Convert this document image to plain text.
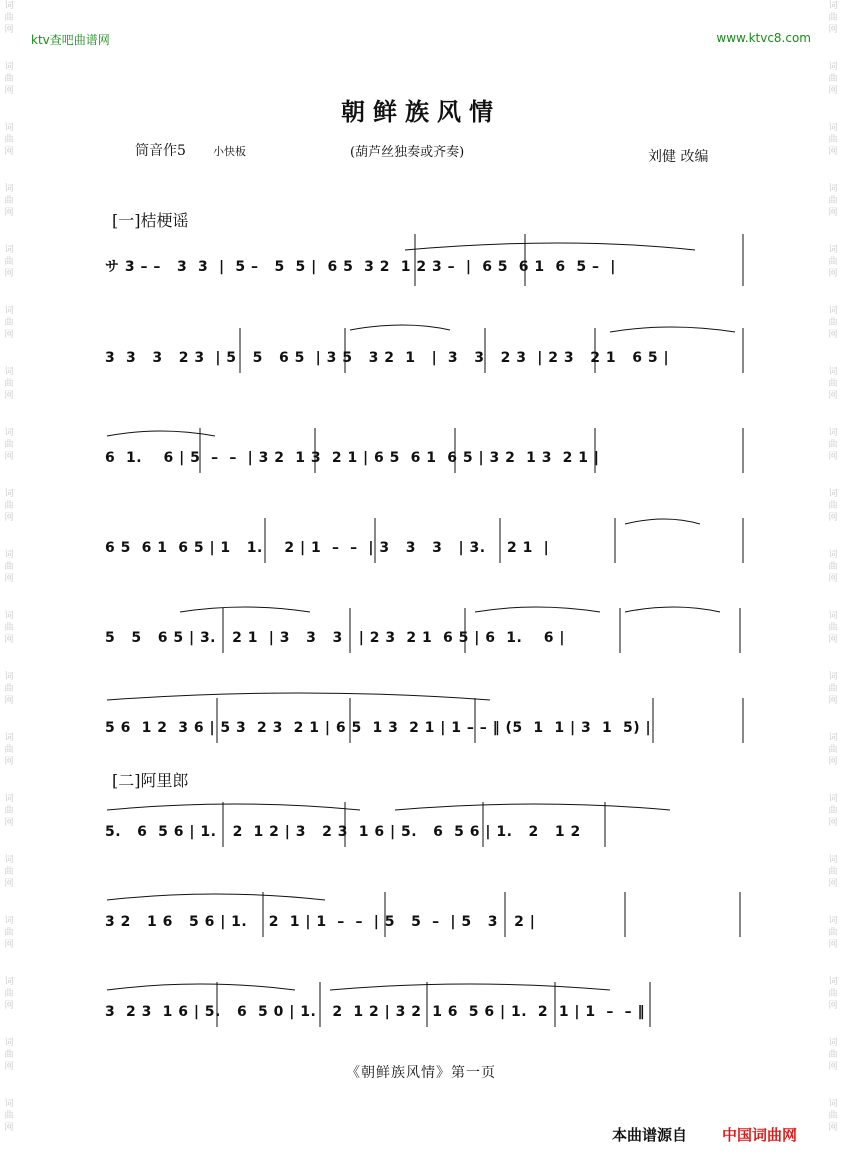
词曲网
词曲网
词曲网
词曲网
词曲网
词曲网
词曲网
词曲网
词曲网
词曲网
词曲网
词曲网
词曲网
词曲网
词曲网
词曲网
词曲网
词曲网
词曲网
词曲网
词曲网
词曲网
词曲网
词曲网
词曲网
词曲网
词曲网
词曲网
词曲网
词曲网
词曲网
词曲网
词曲网
词曲网
词曲网
词曲网
词曲网
词曲网
ktv查吧曲谱网	www.ktvc8.com
朝鲜族风情
筒音作5 小快板	(葫芦丝独奏或齐奏)	刘健 改编
[一]桔梗谣
サ 3 – –   3  3  |  5 –   5  5 |  6 5  3 2  1 2 3 –  |  6 5  6 1  6  5 –  |
3  3   3   2 3  | 5   5   6 5  | 3 5   3 2  1   |  3   3   2 3  | 2 3   2 1   6 5 |
6  1.    6 | 5  –  –  | 3 2  1 3  2 1 | 6 5  6 1  6 5 | 3 2  1 3  2 1 |
6 5  6 1  6 5 | 1   1.    2 | 1  –  –  | 3   3   3   | 3.    2 1  |
5   5   6 5 | 3.   2 1  | 3   3   3   | 2 3  2 1  6 5 | 6  1.    6 |
5 6  1 2  3 6 | 5 3  2 3  2 1 | 6 5  1 3  2 1 | 1 – – ‖ (5  1  1 | 3  1  5) |
[二]阿里郎
5.   6  5 6 | 1.   2  1 2 | 3   2 3  1 6 | 5.   6  5 6 | 1.   2   1 2
3 2   1 6   5 6 | 1.    2  1 | 1  –  –  | 5   5  –  | 5   3   2 |
3  2 3  1 6 | 5.   6  5 0 | 1.   2  1 2 | 3 2  1 6  5 6 | 1.  2  1 | 1  –  – ‖
《朝鲜族风情》第一页
本曲谱源自 中国词曲网
